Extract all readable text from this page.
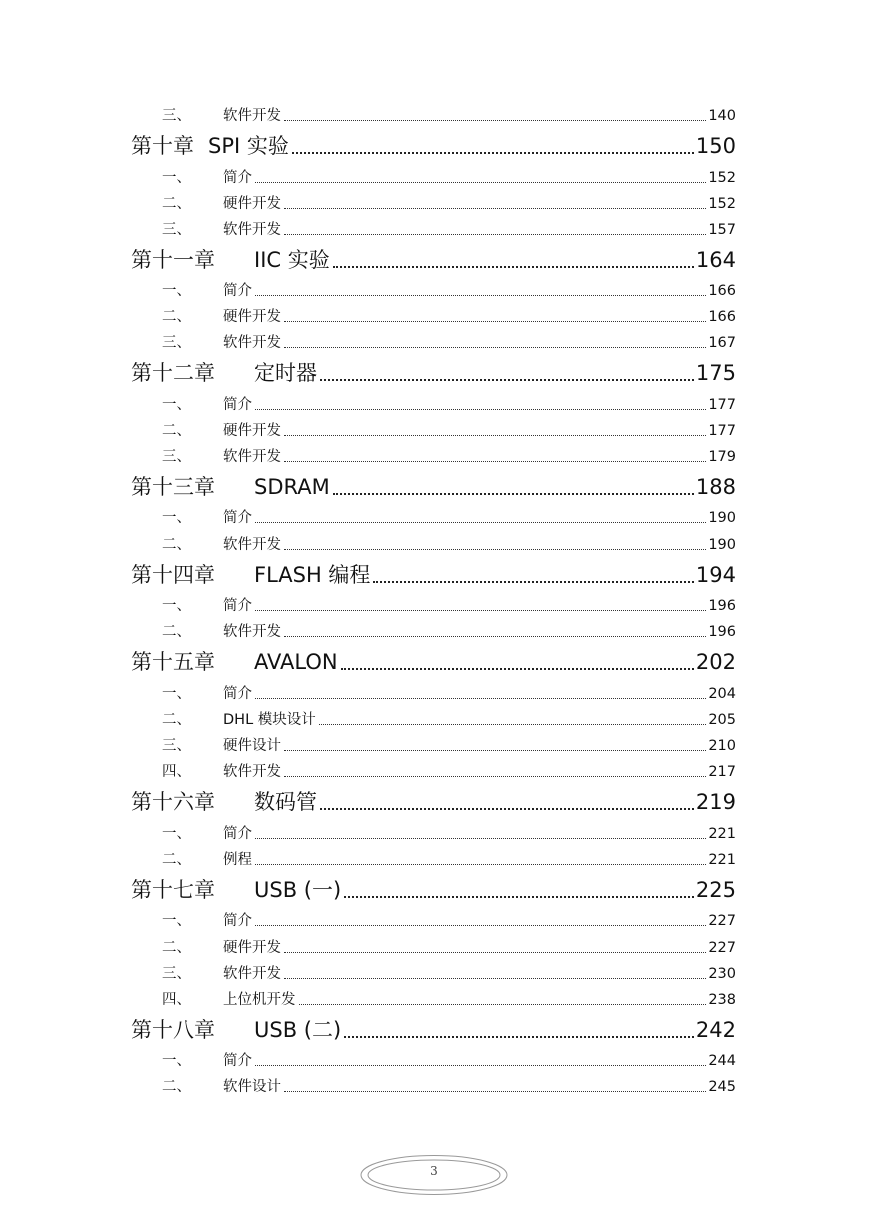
三、	软件开发	140
第十章 SPI 实验	150
一、	简介	152
二、	硬件开发	152
三、	软件开发	157
第十一章	IIC 实验	164
一、	简介	166
二、	硬件开发	166
三、	软件开发	167
第十二章	定时器	175
一、	简介	177
二、	硬件开发	177
三、	软件开发	179
第十三章	SDRAM	188
一、	简介	190
二、	软件开发	190
第十四章	FLASH 编程	194
一、	简介	196
二、	软件开发	196
第十五章	AVALON	202
一、	简介	204
二、	DHL 模块设计	205
三、	硬件设计	210
四、	软件开发	217
第十六章	数码管	219
一、	简介	221
二、	例程	221
第十七章	USB (一)	225
一、	简介	227
二、	硬件开发	227
三、	软件开发	230
四、	上位机开发	238
第十八章	USB (二)	242
一、	简介	244
二、	软件设计	245
3
